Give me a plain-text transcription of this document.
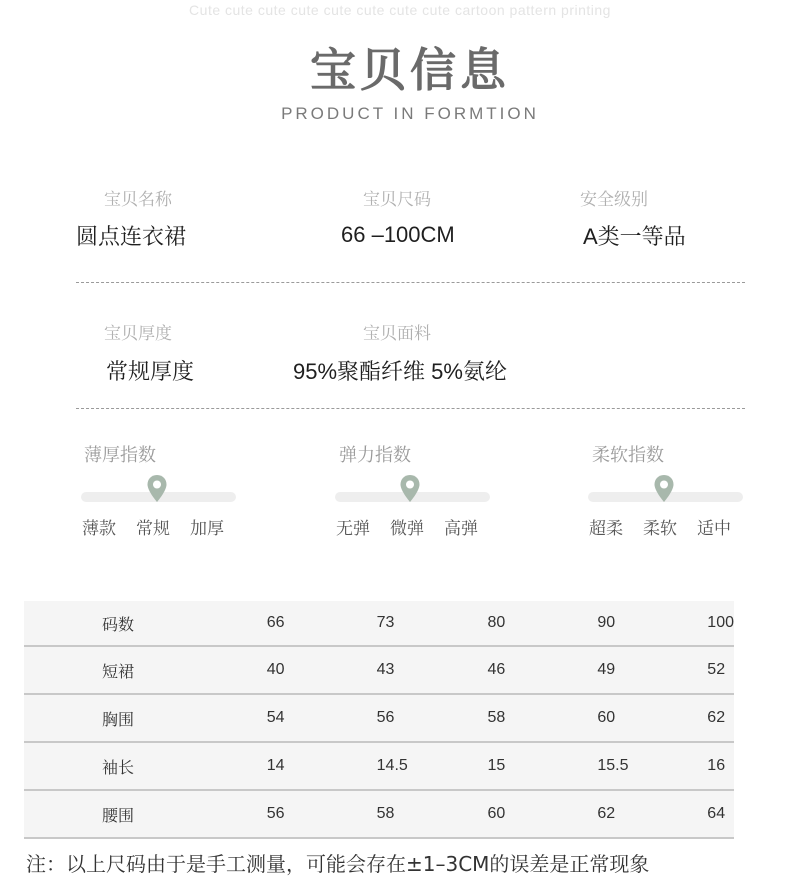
Cute cute cute cute cute cute cute cute cartoon pattern printing
宝贝信息
PRODUCT IN FORMTION
宝贝名称
圆点连衣裙
宝贝尺码
66 –100CM
安全级别
A类一等品
宝贝厚度
常规厚度
宝贝面料
95%聚酯纤维 5%氨纶
薄厚指数
薄款 常规 加厚
弹力指数
无弹 微弹 高弹
柔软指数
超柔 柔软 适中
码数	66	73	80	90	100
短裙	40	43	46	49	52
胸围	54	56	58	60	62
袖长	14	14.5	15	15.5	16
腰围	56	58	60	62	64
注：以上尺码由于是手工测量，可能会存在±1–3CM的误差是正常现象
